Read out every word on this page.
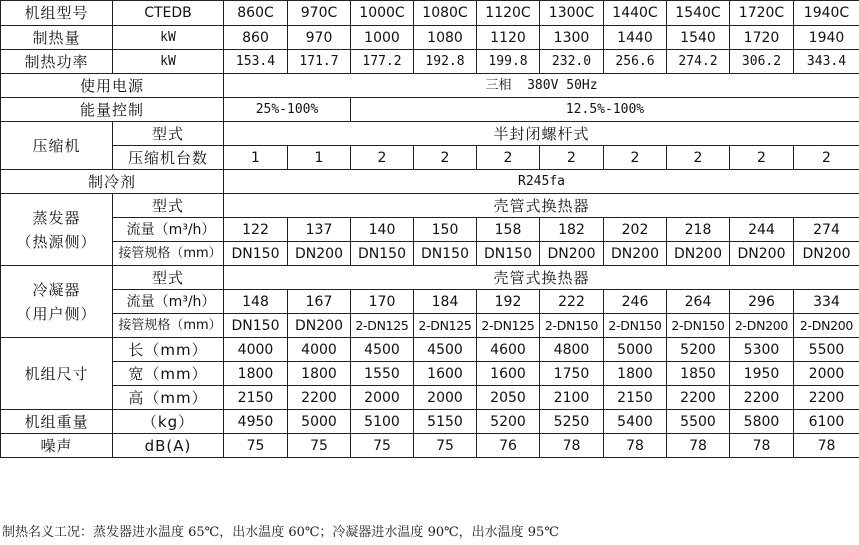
机组型号	CTEDB	860C	970C	1000C	1080C	1120C	1300C	1440C	1540C	1720C	1940C
制热量	kW	860	970	1000	1080	1120	1300	1440	1540	1720	1940
制热功率	kW	153.4	171.7	177.2	192.8	199.8	232.0	256.6	274.2	306.2	343.4
使用电源		三相  380V 50Hz									
能量控制		25%-100%		12.5%-100%							
压缩机	型式	半封闭螺杆式									
	压缩机台数	1	1	2	2	2	2	2	2	2	2
制冷剂		R245fa									

蒸发器
（热源侧）	型式	壳管式换热器									
	流量（m³/h）	122	137	140	150	158	182	202	218	244	274
	接管规格（mm）	DN150	DN200	DN150	DN150	DN150	DN200	DN200	DN200	DN200	DN200

冷凝器
（用户侧）	型式	壳管式换热器									
	流量（m³/h）	148	167	170	184	192	222	246	264	296	334
	接管规格（mm）	DN150	DN200	2-DN125	2-DN125	2-DN125	2-DN150	2-DN150	2-DN150	2-DN200	2-DN200
机组尺寸	长（mm）	4000	4000	4500	4500	4600	4800	5000	5200	5300	5500
	宽（mm）	1800	1800	1550	1600	1600	1750	1800	1850	1950	2000
	高（mm）	2150	2200	2000	2000	2050	2100	2150	2200	2200	2200
机组重量	（kg）	4950	5000	5100	5150	5200	5250	5400	5500	5800	6100
噪声	dB(A)	75	75	75	75	76	78	78	78	78	78
制热名义工况：蒸发器进水温度 65℃，出水温度 60℃；冷凝器进水温度 90℃，出水温度 95℃
